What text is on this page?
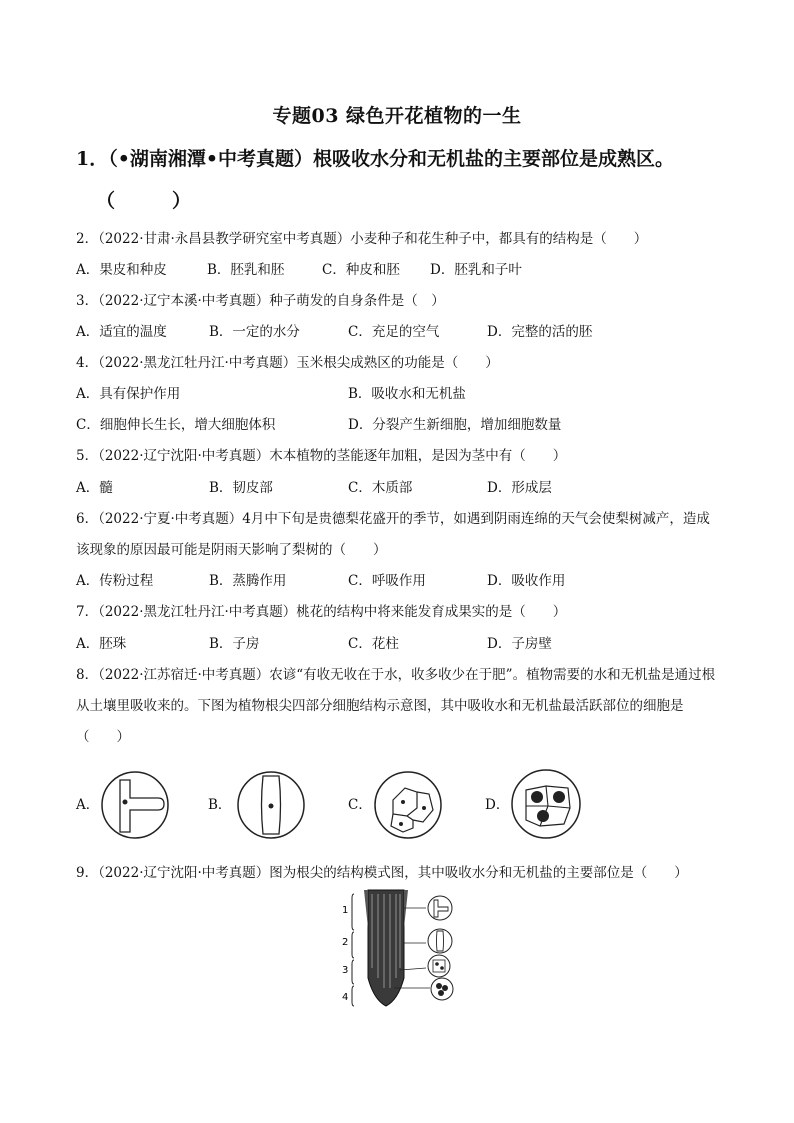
专题03 绿色开花植物的一生
1．（•湖南湘潭•中考真题）根吸收水分和无机盐的主要部位是成熟区。
（　　　）
2．（2022·甘肃·永昌县教学研究室中考真题）小麦种子和花生种子中，都具有的结构是（　　）
A．果皮和种皮	B．胚乳和胚	C．种皮和胚 D．胚乳和子叶
3．（2022·辽宁本溪·中考真题）种子萌发的自身条件是（　）
A．适宜的温度	B．一定的水分	C．充足的空气	D．完整的活的胚
4．（2022·黑龙江牡丹江·中考真题）玉米根尖成熟区的功能是（　　）
A．具有保护作用	B．吸收水和无机盐
C．细胞伸长生长，增大细胞体积	D．分裂产生新细胞，增加细胞数量
5．（2022·辽宁沈阳·中考真题）木本植物的茎能逐年加粗，是因为茎中有（　　）
A．髓	B．韧皮部	C．木质部	D．形成层
6．（2022·宁夏·中考真题）4月中下旬是贵德梨花盛开的季节，如遇到阴雨连绵的天气会使梨树减产，造成
该现象的原因最可能是阴雨天影响了梨树的（　　）
A．传粉过程	B．蒸腾作用	C．呼吸作用	D．吸收作用
7．（2022·黑龙江牡丹江·中考真题）桃花的结构中将来能发育成果实的是（　　）
A．胚珠	B．子房	C．花柱	D．子房壁
8．（2022·江苏宿迁·中考真题）农谚“有收无收在于水，收多收少在于肥”。植物需要的水和无机盐是通过根
从土壤里吸收来的。下图为植物根尖四部分细胞结构示意图，其中吸收水和无机盐最活跃部位的细胞是
（　　）
A．	B．	C．	D．
9．（2022·辽宁沈阳·中考真题）图为根尖的结构模式图，其中吸收水分和无机盐的主要部位是（　　）
1
2
3
4
